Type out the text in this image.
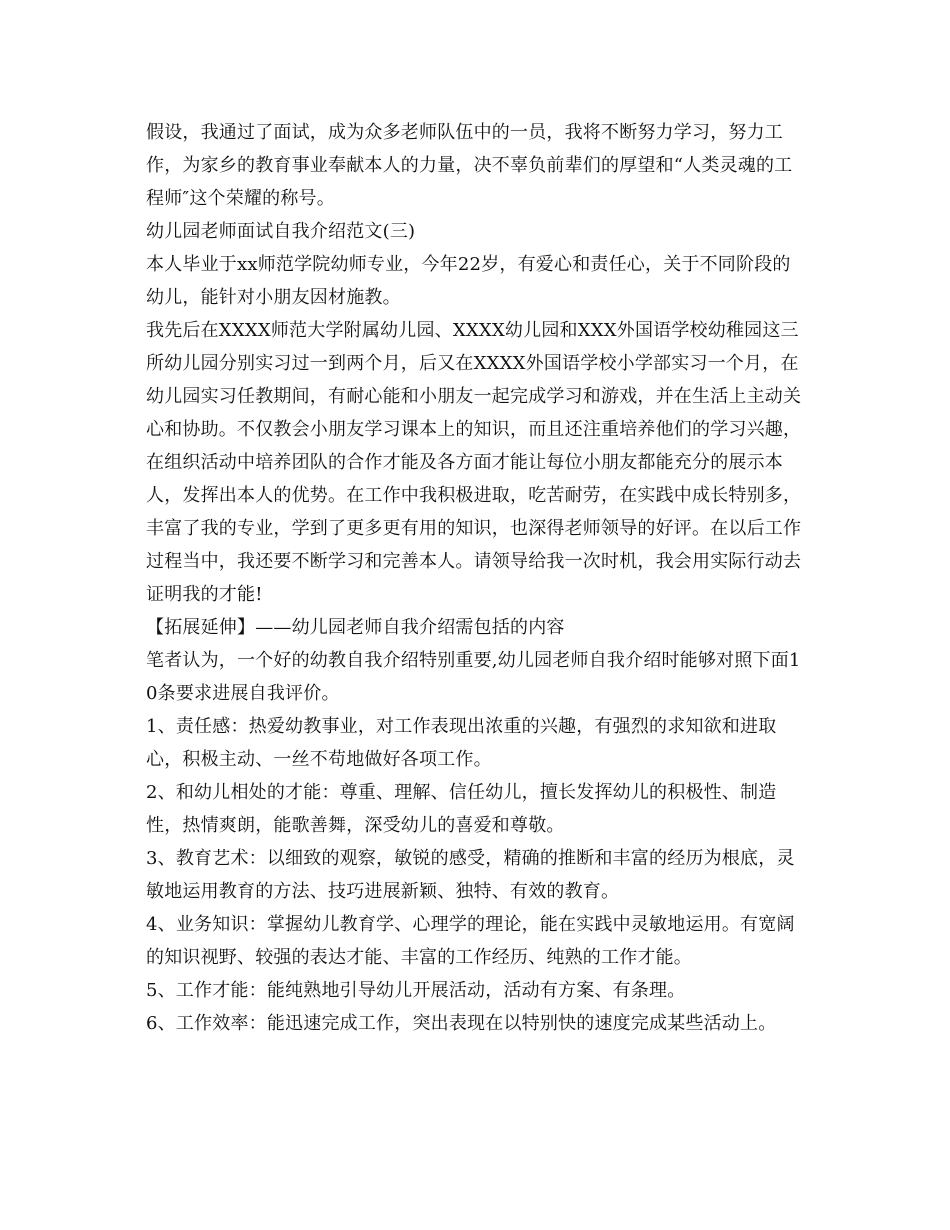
假设，我通过了面试，成为众多老师队伍中的一员，我将不断努力学习，努力工作，为家乡的教育事业奉献本人的力量，决不辜负前辈们的厚望和“人类灵魂的工程师″这个荣耀的称号。

幼儿园老师面试自我介绍范文(三)

本人毕业于xx师范学院幼师专业，今年22岁，有爱心和责任心，关于不同阶段的幼儿，能针对小朋友因材施教。

我先后在XXXX师范大学附属幼儿园、XXXX幼儿园和XXX外国语学校幼稚园这三所幼儿园分别实习过一到两个月，后又在XXXX外国语学校小学部实习一个月，在幼儿园实习任教期间，有耐心能和小朋友一起完成学习和游戏，并在生活上主动关心和协助。不仅教会小朋友学习课本上的知识，而且还注重培养他们的学习兴趣，在组织活动中培养团队的合作才能及各方面才能让每位小朋友都能充分的展示本人，发挥出本人的优势。在工作中我积极进取，吃苦耐劳，在实践中成长特别多，丰富了我的专业，学到了更多更有用的知识，也深得老师领导的好评。在以后工作过程当中，我还要不断学习和完善本人。请领导给我一次时机，我会用实际行动去证明我的才能!

【拓展延伸】——幼儿园老师自我介绍需包括的内容

笔者认为，一个好的幼教自我介绍特别重要,幼儿园老师自我介绍时能够对照下面10条要求进展自我评价。

1、责任感：热爱幼教事业，对工作表现出浓重的兴趣，有强烈的求知欲和进取心，积极主动、一丝不苟地做好各项工作。

2、和幼儿相处的才能：尊重、理解、信任幼儿，擅长发挥幼儿的积极性、制造性，热情爽朗，能歌善舞，深受幼儿的喜爱和尊敬。

3、教育艺术：以细致的观察，敏锐的感受，精确的推断和丰富的经历为根底，灵敏地运用教育的方法、技巧进展新颖、独特、有效的教育。

4、业务知识：掌握幼儿教育学、心理学的理论，能在实践中灵敏地运用。有宽阔的知识视野、较强的表达才能、丰富的工作经历、纯熟的工作才能。

5、工作才能：能纯熟地引导幼儿开展活动，活动有方案、有条理。

6、工作效率：能迅速完成工作，突出表现在以特别快的速度完成某些活动上。
